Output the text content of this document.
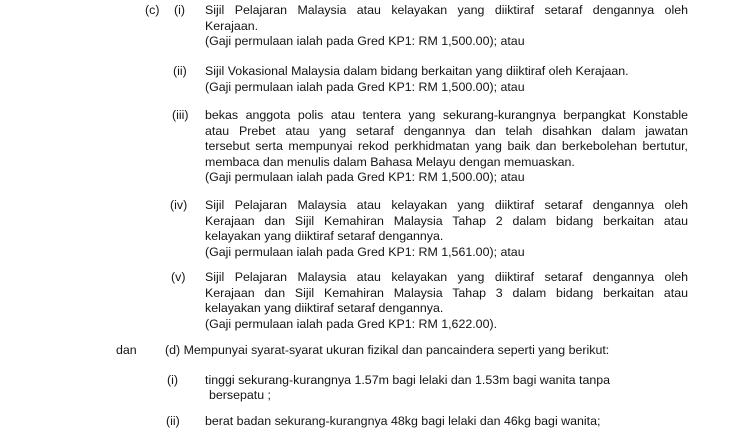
(c) (i) Sijil Pelajaran Malaysia atau kelayakan yang diiktiraf setaraf dengannya oleh
Kerajaan.
(Gaji permulaan ialah pada Gred KP1: RM 1,500.00); atau
(ii) Sijil Vokasional Malaysia dalam bidang berkaitan yang diiktiraf oleh Kerajaan.
(Gaji permulaan ialah pada Gred KP1: RM 1,500.00); atau
(iii) bekas anggota polis atau tentera yang sekurang-kurangnya berpangkat Konstable
atau Prebet atau yang setaraf dengannya dan telah disahkan dalam jawatan
tersebut serta mempunyai rekod perkhidmatan yang baik dan berkebolehan bertutur,
membaca dan menulis dalam Bahasa Melayu dengan memuaskan.
(Gaji permulaan ialah pada Gred KP1: RM 1,500.00); atau
(iv) Sijil Pelajaran Malaysia atau kelayakan yang diiktiraf setaraf dengannya oleh
Kerajaan dan Sijil Kemahiran Malaysia Tahap 2 dalam bidang berkaitan atau
kelayakan yang diiktiraf setaraf dengannya.
(Gaji permulaan ialah pada Gred KP1: RM 1,561.00); atau
(v) Sijil Pelajaran Malaysia atau kelayakan yang diiktiraf setaraf dengannya oleh
Kerajaan dan Sijil Kemahiran Malaysia Tahap 3 dalam bidang berkaitan atau
kelayakan yang diiktiraf setaraf dengannya.
(Gaji permulaan ialah pada Gred KP1: RM 1,622.00).
dan (d) Mempunyai syarat-syarat ukuran fizikal dan pancaindera seperti yang berikut:
(i) tinggi sekurang-kurangnya 1.57m bagi lelaki dan 1.53m bagi wanita tanpa
bersepatu ;
(ii) berat badan sekurang-kurangnya 48kg bagi lelaki dan 46kg bagi wanita;
